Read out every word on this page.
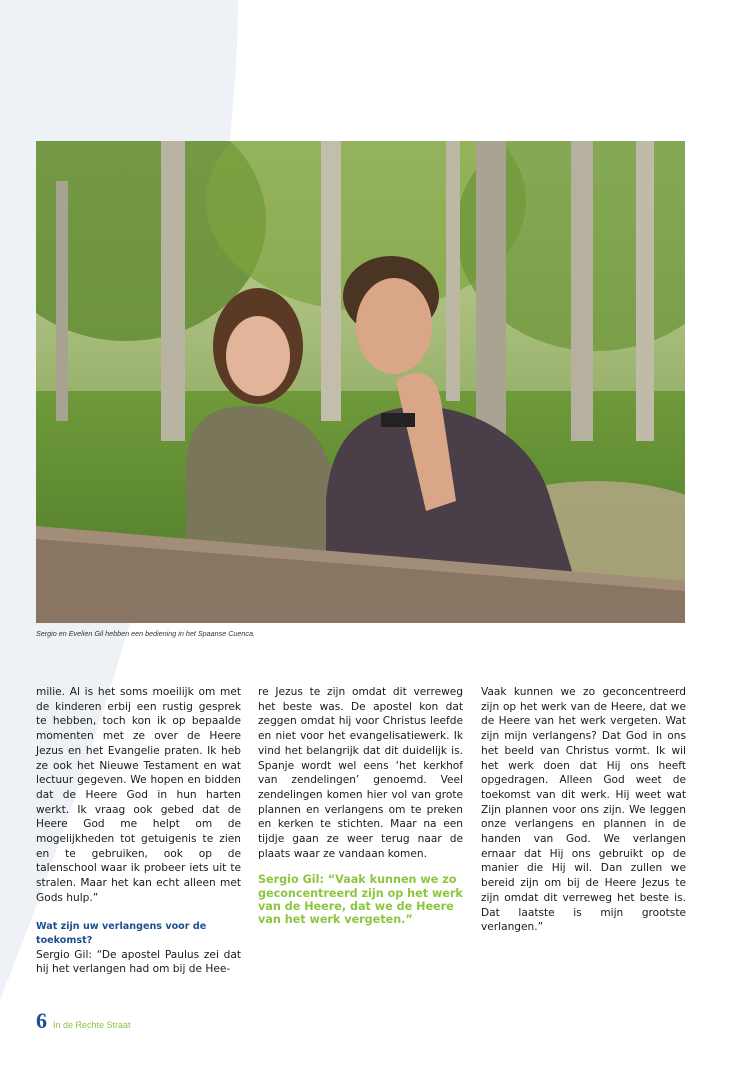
Sergio en Evelien Gil hebben een bediening in het Spaanse Cuenca.

milie. Al is het soms moeilijk om met de kinderen erbij een rustig gesprek te hebben, toch kon ik op bepaalde momenten met ze over de Heere Jezus en het Evangelie praten. Ik heb ze ook het Nieuwe Testament en wat lectuur gegeven. We hopen en bidden dat de Heere God in hun harten werkt. Ik vraag ook gebed dat de Heere God me helpt om de mogelijkheden tot getuigenis te zien en te gebruiken, ook op de talenschool waar ik probeer iets uit te stralen. Maar het kan echt alleen met Gods hulp.”

Wat zijn uw verlangens voor de toekomst?

Sergio Gil: “De apostel Paulus zei dat hij het verlangen had om bij de Hee-

re Jezus te zijn omdat dit verreweg het beste was. De apostel kon dat zeggen omdat hij voor Christus leefde en niet voor het evangelisatiewerk. Ik vind het belangrijk dat dit duidelijk is. Spanje wordt wel eens ‘het kerkhof van zendelingen’ genoemd. Veel zendelingen komen hier vol van grote plannen en verlangens om te preken en kerken te stichten. Maar na een tijdje gaan ze weer terug naar de plaats waar ze vandaan komen.

Sergio Gil: “Vaak kunnen we zo geconcentreerd zijn op het werk van de Heere, dat we de Heere van het werk vergeten.”

Vaak kunnen we zo geconcentreerd zijn op het werk van de Heere, dat we de Heere van het werk vergeten. Wat zijn mijn verlangens? Dat God in ons het beeld van Christus vormt. Ik wil het werk doen dat Hij ons heeft opgedragen. Alleen God weet de toekomst van dit werk. Hij weet wat Zijn plannen voor ons zijn. We leggen onze verlangens en plannen in de handen van God. We verlangen ernaar dat Hij ons gebruikt op de manier die Hij wil. Dan zullen we bereid zijn om bij de Heere Jezus te zijn omdat dit verreweg het beste is. Dat laatste is mijn grootste verlangen.”

6 In de Rechte Straat
